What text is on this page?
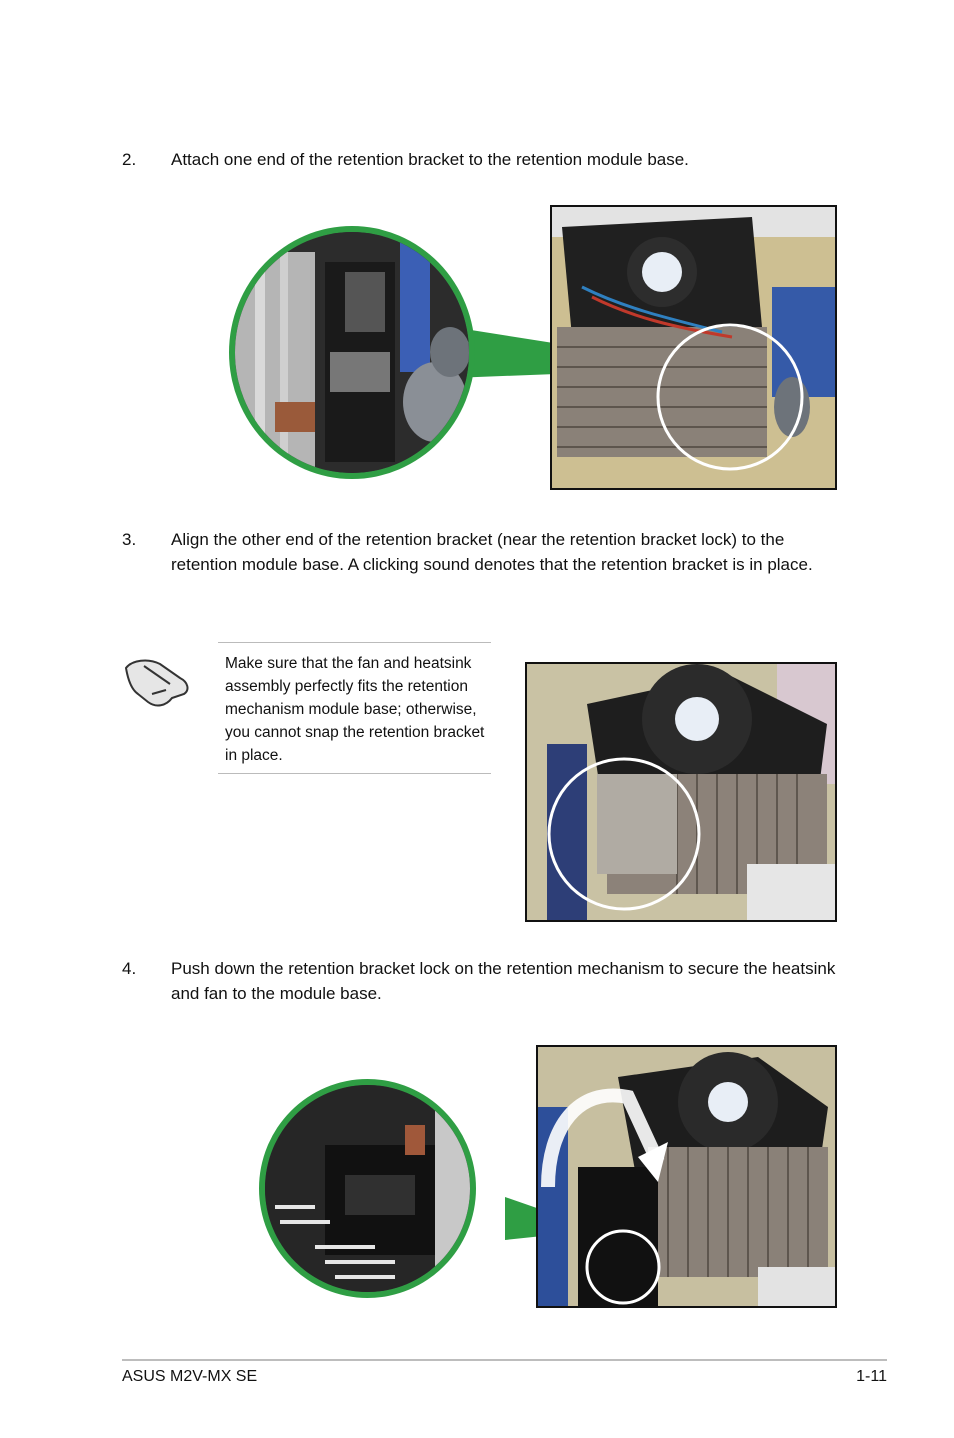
2.	Attach one end of the retention bracket to the retention module base.
3.	Align the other end of the retention bracket (near the retention bracket lock) to the retention module base. A clicking sound denotes that the retention bracket is in place.
Make sure that the fan and heatsink assembly perfectly fits the retention mechanism module base; otherwise, you cannot snap the retention bracket in place.
4.	Push down the retention bracket lock on the retention mechanism to secure the heatsink and fan to the module base.
ASUS M2V-MX SE	1-11
